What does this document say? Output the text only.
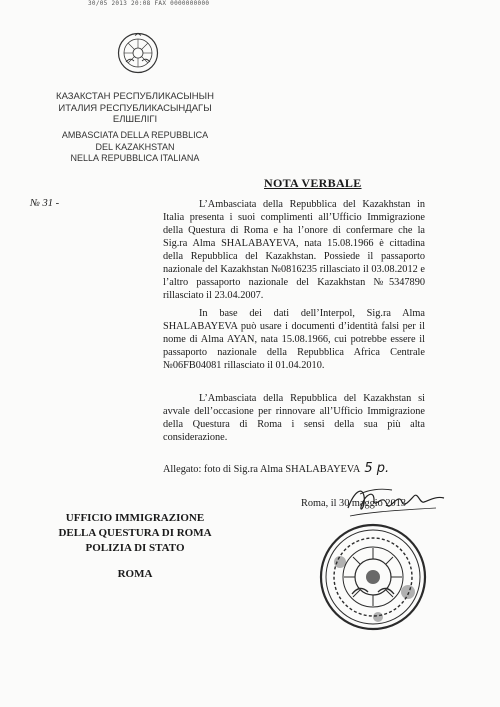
30/05 2013 20:08 FAX 0000000000
КАЗАКСТАН РЕСПУБЛИКАСЫНЫН
ИТАЛИЯ РЕСПУБЛИКАСЫНДАГЫ
ЕЛШЕЛIГI
AMBASCIATA DELLA REPUBBLICA
DEL KAZAKHSTAN
NELLA REPUBBLICA ITALIANA
NOTA VERBALE
№ 31 -	L’Ambasciata della Repubblica del Kazakhstan in Italia presenta i suoi complimenti all’Ufficio Immigrazione della Questura di Roma e ha l’onore di confermare che la Sig.ra Alma SHALABAYEVA, nata 15.08.1966 è cittadina della Repubblica del Kazakhstan. Possiede il passaporto nazionale del Kazakhstan №0816235 rillasciato il 03.08.2012 e l’altro passaporto nazionale del Kazakhstan №5347890 rillasciato il 23.04.2007.

In base dei dati dell’Interpol, Sig.ra Alma SHALABAYEVA può usare i documenti d’identità falsi per il nome di Alma AYAN, nata 15.08.1966, cui potrebbe essere il passaporto nazionale della Repubblica Africa Centrale №06FB04081 rillasciato il 01.04.2010.

L’Ambasciata della Repubblica del Kazakhstan si avvale dell’occasione per rinnovare all’Ufficio Immigrazione della Questura di Roma i sensi della sua più alta considerazione.

Allegato: foto di Sig.ra Alma SHALABAYEVA 5 p.
Roma, il 30 maggio 2013
UFFICIO IMMIGRAZIONE
DELLA QUESTURA DI ROMA
POLIZIA DI STATO
ROMA
